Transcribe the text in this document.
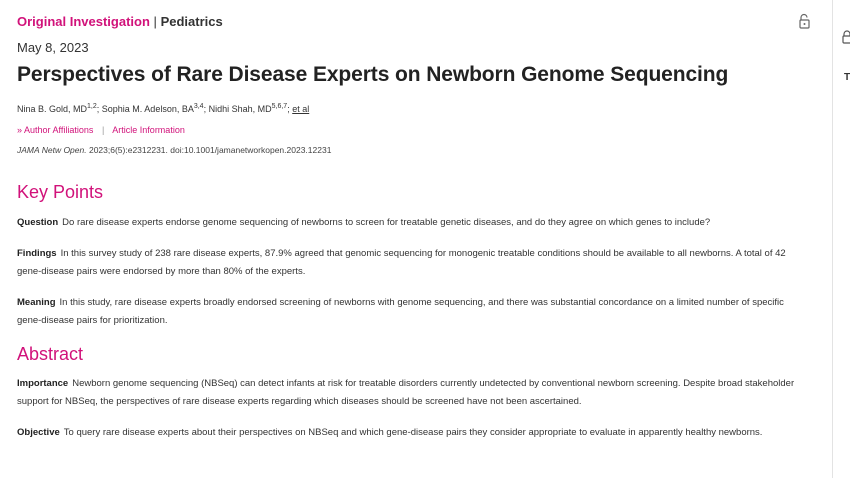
Original Investigation | Pediatrics
May 8, 2023
Perspectives of Rare Disease Experts on Newborn Genome Sequencing
Nina B. Gold, MD$^{1,2}$; Sophia M. Adelson, BA$^{3,4}$; Nidhi Shah, MD$^{5,6,7}$; et al
» Author Affiliations | Article Information
JAMA Netw Open. 2023;6(5):e2312231. doi:10.1001/jamanetworkopen.2023.12231
Key Points

Question Do rare disease experts endorse genome sequencing of newborns to screen for treatable genetic diseases, and do they agree on which genes to include?

Findings In this survey study of 238 rare disease experts, 87.9% agreed that genomic sequencing for monogenic treatable conditions should be available to all newborns. A total of 42 gene-disease pairs were endorsed by more than 80% of the experts.

Meaning In this study, rare disease experts broadly endorsed screening of newborns with genome sequencing, and there was substantial concordance on a limited number of specific gene-disease pairs for prioritization.

Abstract

Importance Newborn genome sequencing (NBSeq) can detect infants at risk for treatable disorders currently undetected by conventional newborn screening. Despite broad stakeholder support for NBSeq, the perspectives of rare disease experts regarding which diseases should be screened have not been ascertained.

Objective To query rare disease experts about their perspectives on NBSeq and which gene-disease pairs they consider appropriate to evaluate in apparently healthy newborns.

T
